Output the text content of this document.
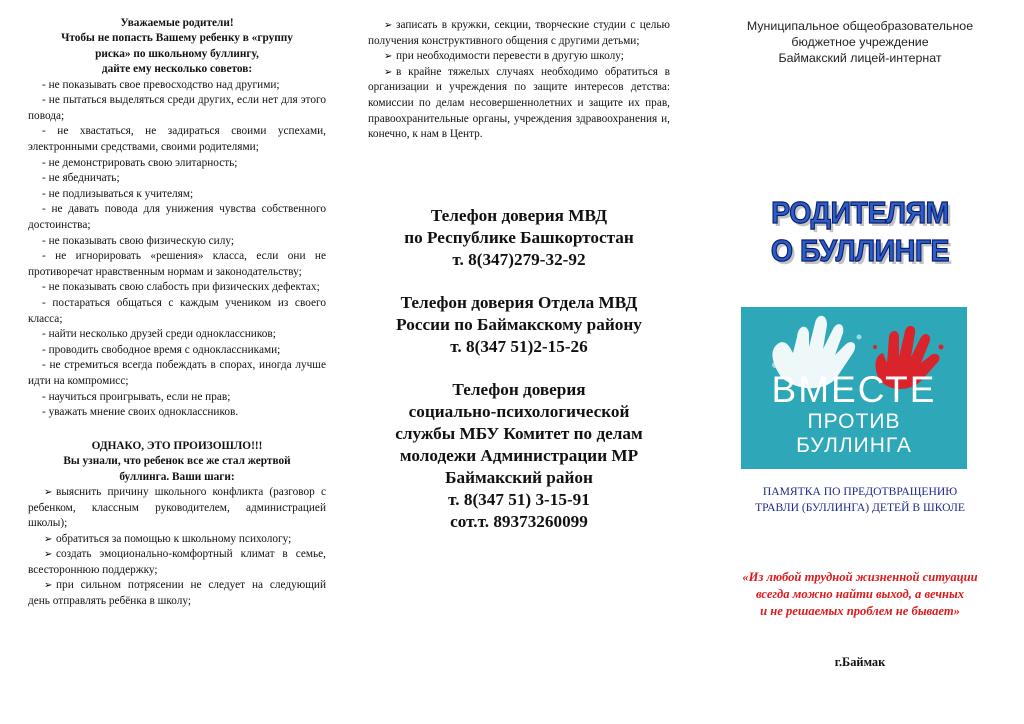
Уважаемые родители!
Чтобы не попасть Вашему ребенку в «группу
риска» по школьному буллингу,
дайте ему несколько советов:
- не показывать свое превосходство над другими;
- не пытаться выделяться среди других, если нет для этого повода;
- не хвастаться, не задираться своими успехами, электронными средствами, своими родителями;
- не демонстрировать свою элитарность;
- не ябедничать;
- не подлизываться к учителям;
- не давать повода для унижения чувства собственного достоинства;
- не показывать свою физическую силу;
- не игнорировать «решения» класса, если они не противоречат нравственным нормам и законодательству;
- не показывать свою слабость при физических дефектах;
- постараться общаться с каждым учеником из своего класса;
- найти несколько друзей среди одноклассников;
- проводить свободное время с одноклассниками;
- не стремиться всегда побеждать в спорах, иногда лучше идти на компромисс;
- научиться проигрывать, если не прав;
- уважать мнение своих одноклассников.
ОДНАКО, ЭТО ПРОИЗОШЛО!!!
Вы узнали, что ребенок все же стал жертвой
буллинга. Ваши шаги:
➢ выяснить причину школьного конфликта (разговор с ребенком, классным руководителем, администрацией школы);
➢ обратиться за помощью к школьному психологу;
➢ создать эмоционально-комфортный климат в семье, всестороннюю поддержку;
➢ при сильном потрясении не следует на следующий день отправлять ребёнка в школу;
➢ записать в кружки, секции, творческие студии с целью получения конструктивного общения с другими детьми;
➢ при необходимости перевести в другую школу;
➢ в крайне тяжелых случаях необходимо обратиться в организации и учреждения по защите интересов детства: комиссии по делам несовершеннолетних и защите их прав, правоохранительные органы, учреждения здравоохранения и, конечно, к нам в Центр.
Телефон доверия МВД
по Республике Башкортостан
т. 8(347)279-32-92
Телефон доверия Отдела МВД
России по Баймакскому району
т. 8(347 51)2-15-26
Телефон доверия
социально-психологической
службы МБУ Комитет по делам
молодежи Администрации МР
Баймакский район
т. 8(347 51) 3-15-91
сот.т. 89373260099
Муниципальное общеобразовательное
бюджетное учреждение
Баймакский лицей-интернат
РОДИТЕЛЯМ
О БУЛЛИНГЕ
ВМЕСТЕ
ПРОТИВ
БУЛЛИНГА
ПАМЯТКА ПО ПРЕДОТВРАЩЕНИЮ
ТРАВЛИ (БУЛЛИНГА) ДЕТЕЙ В ШКОЛЕ
«Из любой трудной жизненной ситуации
всегда можно найти выход, а вечных
и не решаемых проблем не бывает»
г.Баймак
